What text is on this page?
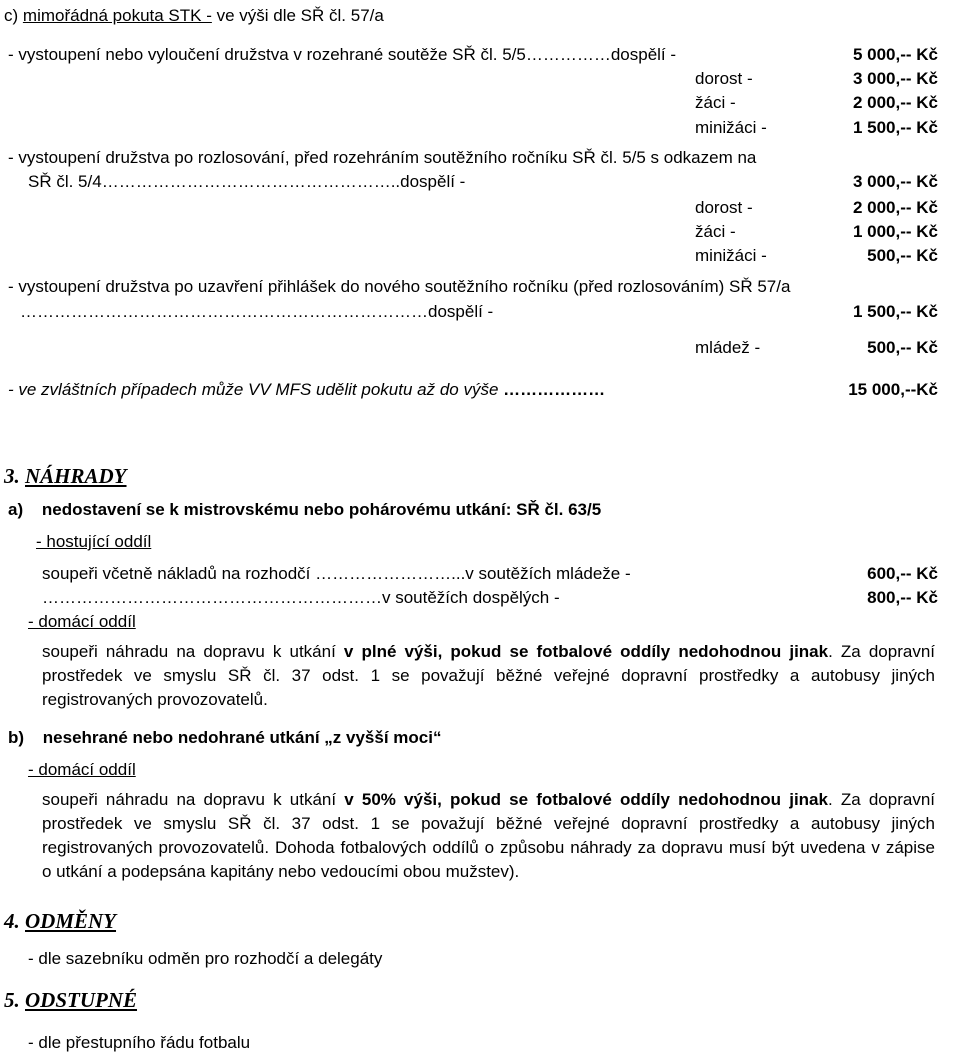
c) mimořádná pokuta STK - ve výši dle SŘ čl. 57/a
- vystoupení nebo vyloučení družstva v rozehrané soutěže SŘ čl. 5/5……………dospělí -	5 000,-- Kč
dorost -	3 000,-- Kč
žáci -	2 000,-- Kč
minižáci -	1 500,-- Kč
- vystoupení družstva po rozlosování, před rozehráním soutěžního ročníku SŘ čl. 5/5 s odkazem na
SŘ čl. 5/4……………………………………………..dospělí -	3 000,-- Kč
dorost -	2 000,-- Kč
žáci -	1 000,-- Kč
minižáci -	500,-- Kč
- vystoupení družstva po uzavření přihlášek do nového soutěžního ročníku (před rozlosováním) SŘ 57/a
………………………………………………………………dospělí -	1 500,-- Kč
mládež -	500,-- Kč
- ve zvláštních případech může VV MFS udělit pokutu až do výše ………………	15 000,--Kč
3. NÁHRADY
a) nedostavení se k mistrovskému nebo pohárovému utkání: SŘ čl. 63/5
- hostující oddíl
soupeři včetně nákladů na rozhodčí ……………………...v soutěžích mládeže -	600,-- Kč
……………………………………………………v soutěžích dospělých -	800,-- Kč
- domácí oddíl
soupeři náhradu na dopravu k utkání v plné výši, pokud se fotbalové oddíly nedohodnou jinak. Za dopravní
prostředek ve smyslu SŘ čl. 37 odst. 1 se považují běžné veřejné dopravní prostředky a autobusy jiných
registrovaných provozovatelů.
b) nesehrané nebo nedohrané utkání „z vyšší moci“
- domácí oddíl
soupeři náhradu na dopravu k utkání v 50% výši, pokud se fotbalové oddíly nedohodnou jinak. Za dopravní
prostředek ve smyslu SŘ čl. 37 odst. 1 se považují běžné veřejné dopravní prostředky a autobusy jiných
registrovaných provozovatelů. Dohoda fotbalových oddílů o způsobu náhrady za dopravu musí být uvedena v zápise
o utkání a podepsána kapitány nebo vedoucími obou mužstev).
4. ODMĚNY
- dle sazebníku odměn pro rozhodčí a delegáty
5. ODSTUPNÉ
- dle přestupního řádu fotbalu
